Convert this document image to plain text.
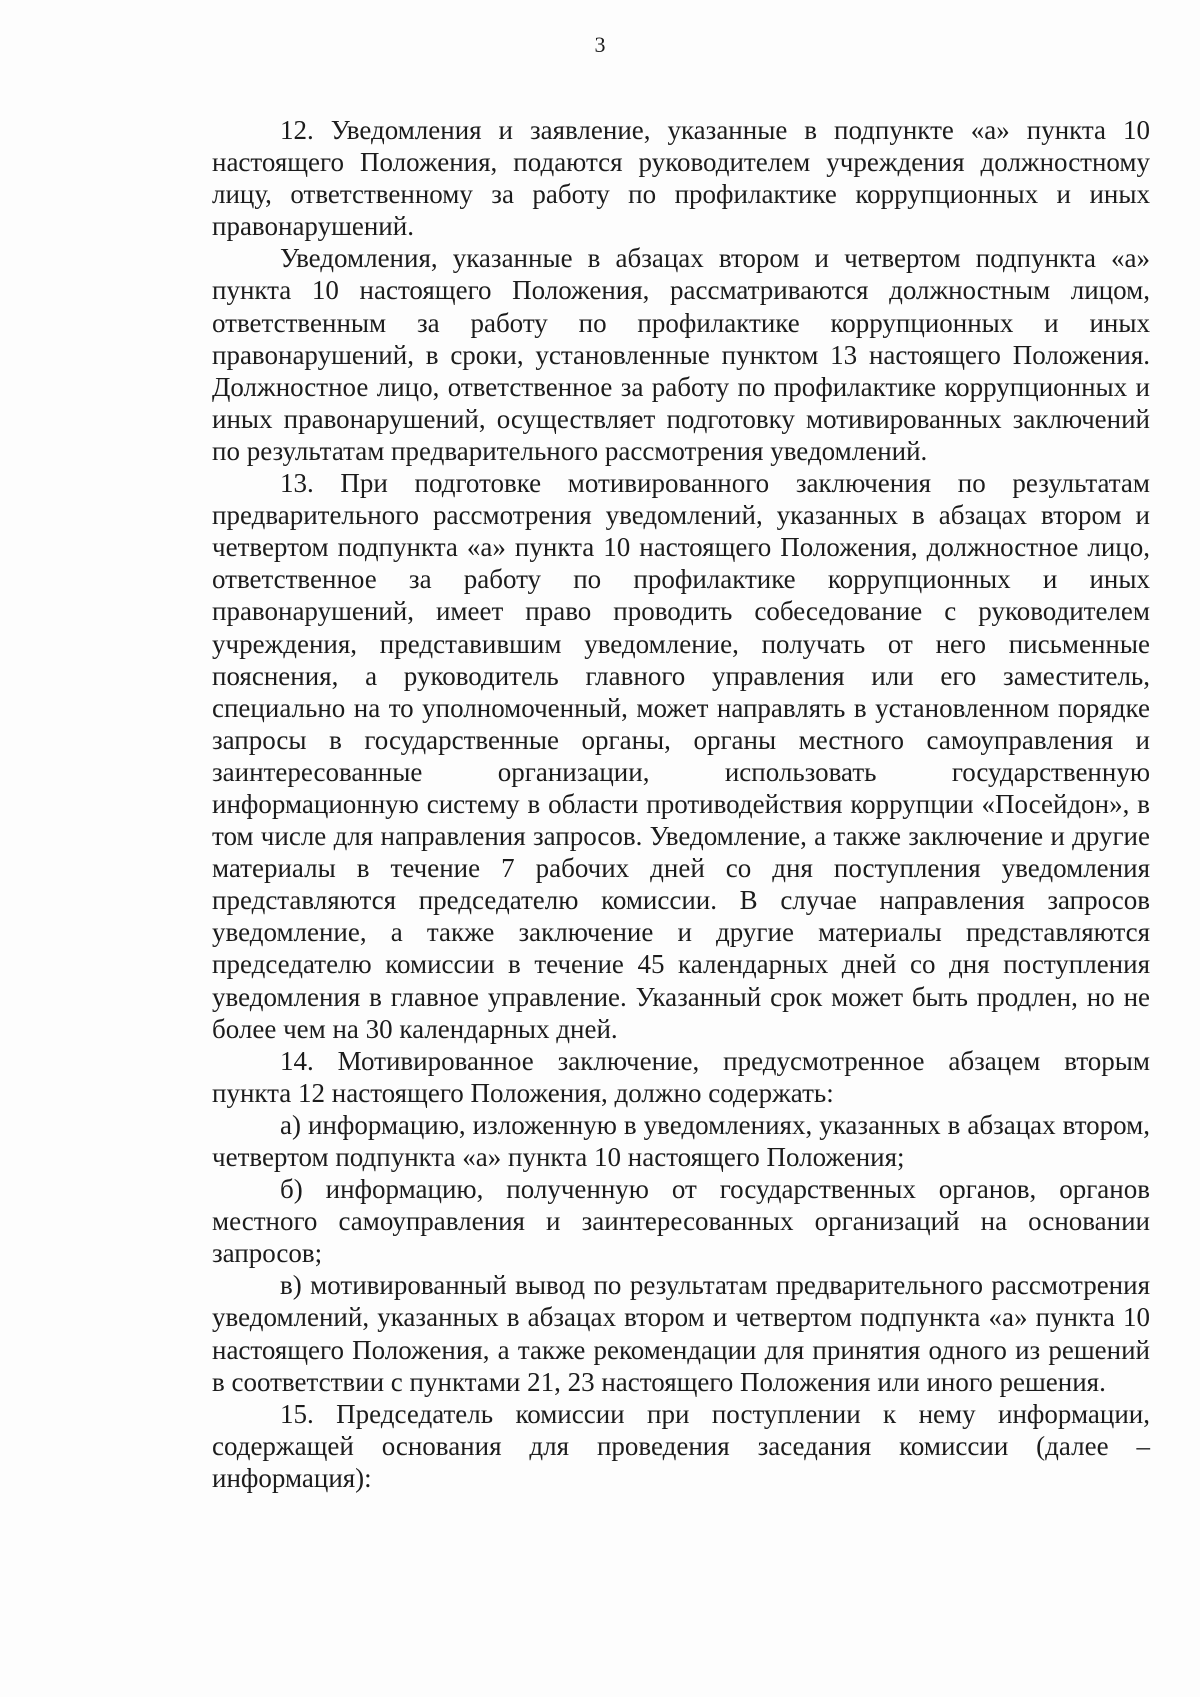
3

12. Уведомления и заявление, указанные в подпункте «а» пункта 10 настоящего Положения, подаются руководителем учреждения должностному лицу, ответственному за работу по профилактике коррупционных и иных правонарушений.

Уведомления, указанные в абзацах втором и четвертом подпункта «а» пункта 10 настоящего Положения, рассматриваются должностным лицом, ответственным за работу по профилактике коррупционных и иных правонарушений, в сроки, установленные пунктом 13 настоящего Положения. Должностное лицо, ответственное за работу по профилактике коррупционных и иных правонарушений, осуществляет подготовку мотивированных заключений по результатам предварительного рассмотрения уведомлений.

13. При подготовке мотивированного заключения по результатам предварительного рассмотрения уведомлений, указанных в абзацах втором и четвертом подпункта «а» пункта 10 настоящего Положения, должностное лицо, ответственное за работу по профилактике коррупционных и иных правонарушений, имеет право проводить собеседование с руководителем учреждения, представившим уведомление, получать от него письменные пояснения, а руководитель главного управления или его заместитель, специально на то уполномоченный, может направлять в установленном порядке запросы в государственные органы, органы местного самоуправления и заинтересованные организации, использовать государственную информационную систему в области противодействия коррупции «Посейдон», в том числе для направления запросов. Уведомление, а также заключение и другие материалы в течение 7 рабочих дней со дня поступления уведомления представляются председателю комиссии. В случае направления запросов уведомление, а также заключение и другие материалы представляются председателю комиссии в течение 45 календарных дней со дня поступления уведомления в главное управление. Указанный срок может быть продлен, но не более чем на 30 календарных дней.

14. Мотивированное заключение, предусмотренное абзацем вторым пункта 12 настоящего Положения, должно содержать:

а) информацию, изложенную в уведомлениях, указанных в абзацах втором, четвертом подпункта «а» пункта 10 настоящего Положения;

б) информацию, полученную от государственных органов, органов местного самоуправления и заинтересованных организаций на основании запросов;

в) мотивированный вывод по результатам предварительного рассмотрения уведомлений, указанных в абзацах втором и четвертом подпункта «а» пункта 10 настоящего Положения, а также рекомендации для принятия одного из решений в соответствии с пунктами 21, 23 настоящего Положения или иного решения.

15. Председатель комиссии при поступлении к нему информации, содержащей основания для проведения заседания комиссии (далее – информация):
